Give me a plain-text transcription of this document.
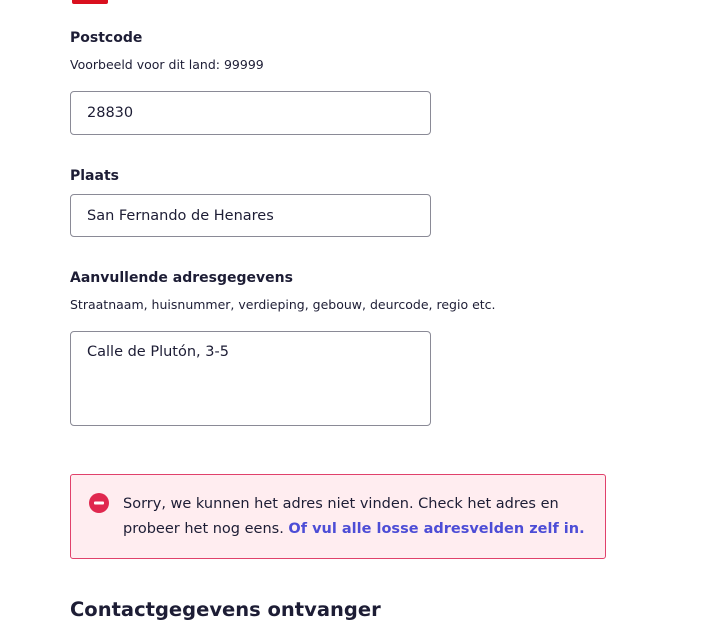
Postcode
Voorbeeld voor dit land: 99999
28830
Plaats
San Fernando de Henares
Aanvullende adresgegevens
Straatnaam, huisnummer, verdieping, gebouw, deurcode, regio etc.
Calle de Plutón, 3-5
Sorry, we kunnen het adres niet vinden. Check het adres en probeer het nog eens. Of vul alle losse adresvelden zelf in.
Contactgegevens ontvanger
